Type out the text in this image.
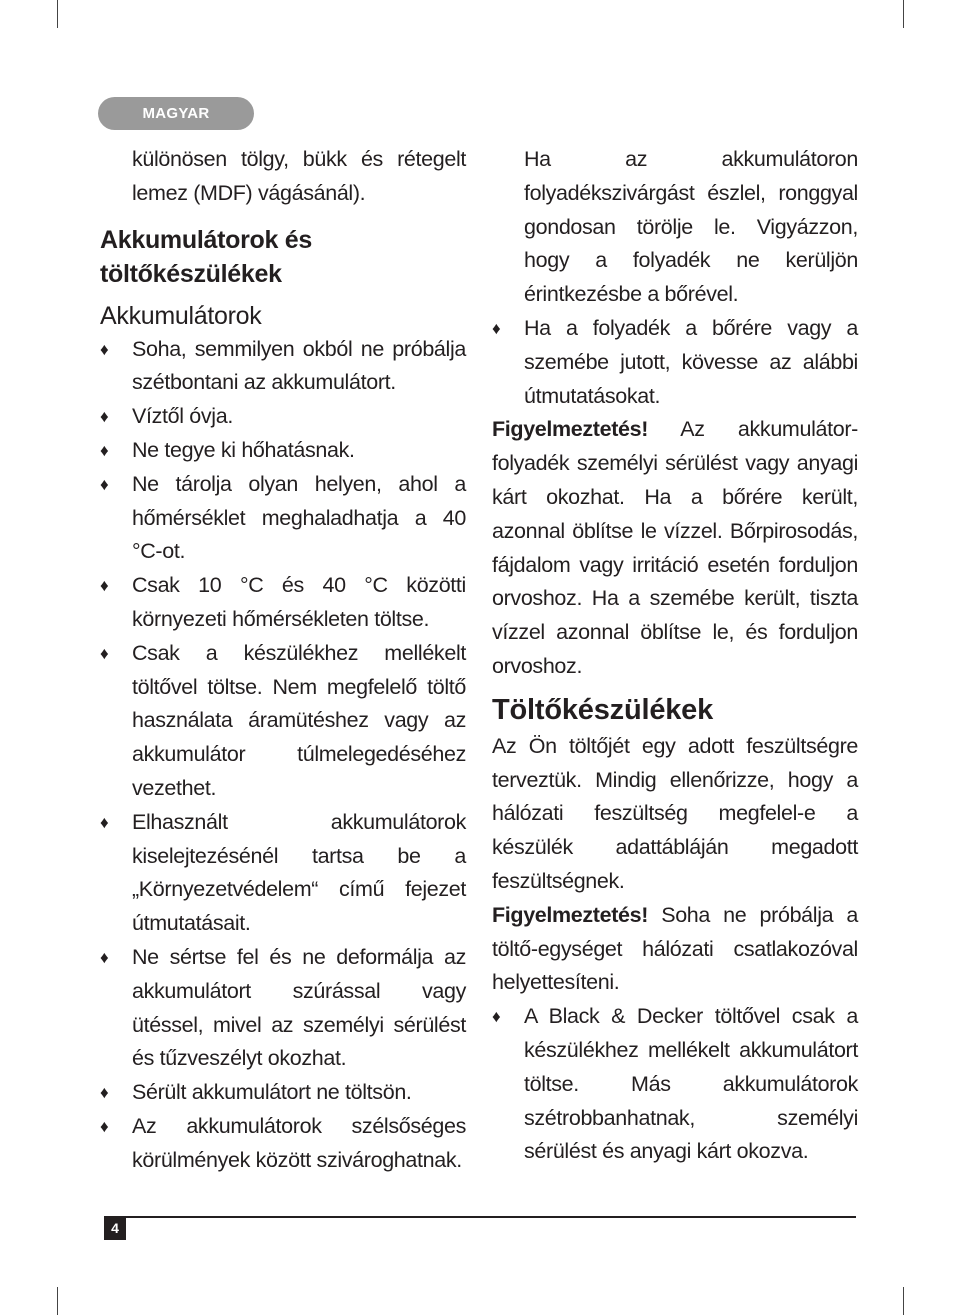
MAGYAR

különösen tölgy, bükk és rétegelt lemez (MDF) vágásánál).

Akkumulátorok és töltőkészülékek
Akkumulátorok
♦ Soha, semmilyen okból ne próbálja szétbontani az akkumulátort.
♦ Víztől óvja.
♦ Ne tegye ki hőhatásnak.
♦ Ne tárolja olyan helyen, ahol a hőmérséklet meghaladhatja a 40 °C-ot.
♦ Csak 10 °C és 40 °C közötti környezeti hőmérsékleten töltse.
♦ Csak a készülékhez mellékelt töltővel töltse. Nem megfelelő töltő használata áramütéshez vagy az akkumulátor túlmelegedéséhez vezethet.
♦ Elhasznált akkumulátorok kiselejtezésénél tartsa be a „Környezetvédelem“ című fejezet útmutatásait.
♦ Ne sértse fel és ne deformálja az akkumulátort szúrással vagy ütéssel, mivel az személyi sérülést és tűzveszélyt okozhat.
♦ Sérült akkumulátort ne töltsön.
♦ Az akkumulátorok szélsőséges körülmények között szivároghatnak.

Ha az akkumulátoron folyadékszivárgást észlel, ronggyal gondosan törölje le. Vigyázzon, hogy a folyadék ne kerüljön érintkezésbe a bőrével.

♦ Ha a folyadék a bőrére vagy a szemébe jutott, kövesse az alábbi útmutatásokat.

Figyelmeztetés! Az akkumulátor-folyadék személyi sérülést vagy anyagi kárt okozhat. Ha a bőrére került, azonnal öblítse le vízzel. Bőrpirosodás, fájdalom vagy irritáció esetén forduljon orvoshoz. Ha a szemébe került, tiszta vízzel azonnal öblítse le, és forduljon orvoshoz.

Töltőkészülékek

Az Ön töltőjét egy adott feszültségre terveztük. Mindig ellenőrizze, hogy a hálózati feszültség megfelel-e a készülék adattábláján megadott feszültségnek.

Figyelmeztetés! Soha ne próbálja a töltő-egységet hálózati csatlakozóval helyettesíteni.

♦ A Black & Decker töltővel csak a készülékhez mellékelt akkumulátort töltse. Más akkumulátorok szétrobbanhatnak, személyi sérülést és anyagi kárt okozva.
4
